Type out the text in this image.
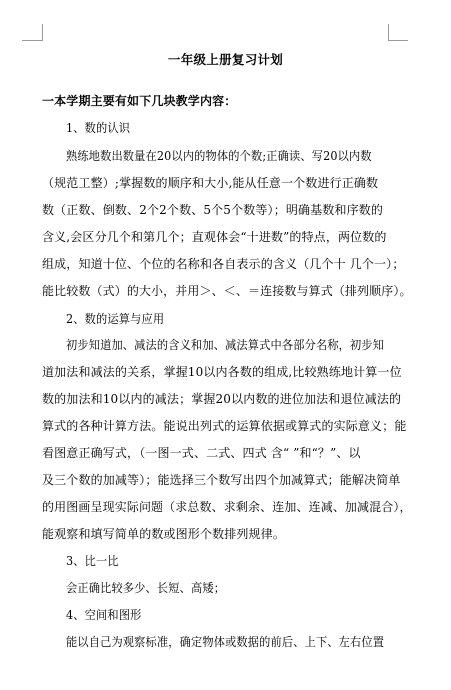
一年级上册复习计划
一本学期主要有如下几块教学内容：
1、数的认识
熟练地数出数量在20以内的物体的个数;正确读、写20以内数
（规范工整）;掌握数的顺序和大小,能从任意一个数进行正确数
数（正数、倒数、2个2个数、5个5个数等）；明确基数和序数的
含义,会区分几个和第几个；直观体会“十进数”的特点，两位数的
组成，知道十位、个位的名称和各自表示的含义（几个十 几个一）；
能比较数（式）的大小，并用＞、＜、＝连接数与算式（排列顺序）。
2、数的运算与应用
初步知道加、减法的含义和加、减法算式中各部分名称，初步知
道加法和减法的关系，掌握10以内各数的组成,比较熟练地计算一位
数的加法和10以内的减法；掌握20以内数的进位加法和退位减法的
算式的各种计算方法。能说出列式的运算依据或算式的实际意义；能
看图意正确写式，（一图一式、二式、四式 含“ ”和“？”、以
及三个数的加减等）；能选择三个数写出四个加减算式；能解决简单
的用图画呈现实际问题（求总数、求剩余、连加、连减、加减混合），
能观察和填写简单的数或图形个数排列规律。
3、比一比
会正确比较多少、长短、高矮；
4、空间和图形
能以自己为观察标准，确定物体或数据的前后、上下、左右位置
